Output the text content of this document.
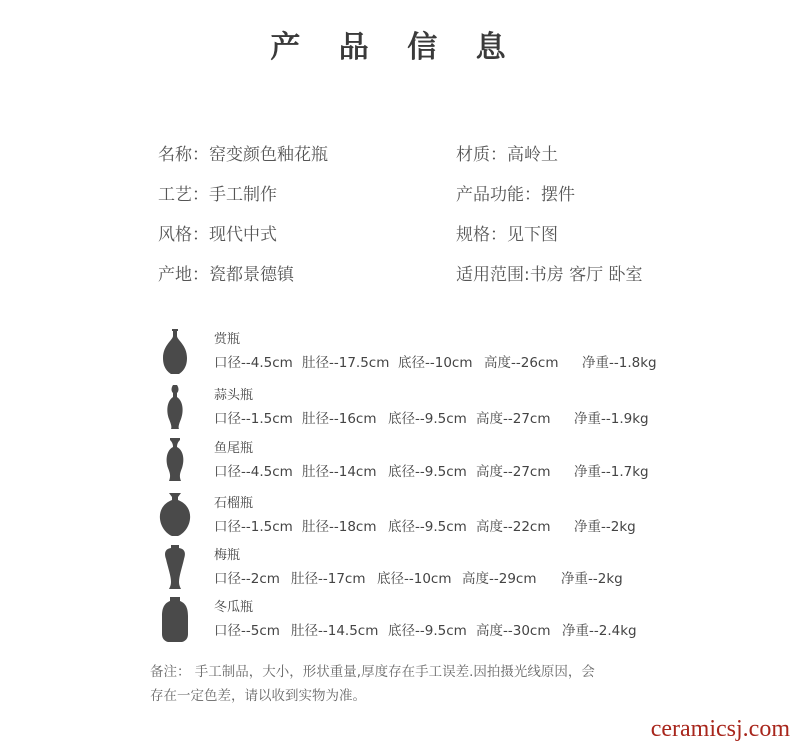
产 品 信 息
名称：窑变颜色釉花瓶	材质：高岭土
工艺：手工制作	产品功能：摆件
风格：现代中式	规格：见下图
产地：瓷都景德镇	适用范围:书房 客厅 卧室
赏瓶
口径--4.5cm 肚径--17.5cm 底径--10cm 高度--26cm 净重--1.8kg
蒜头瓶
口径--1.5cm 肚径--16cm 底径--9.5cm 高度--27cm 净重--1.9kg
鱼尾瓶
口径--4.5cm 肚径--14cm 底径--9.5cm 高度--27cm 净重--1.7kg
石榴瓶
口径--1.5cm 肚径--18cm 底径--9.5cm 高度--22cm 净重--2kg
梅瓶
口径--2cm 肚径--17cm 底径--10cm 高度--29cm 净重--2kg
冬瓜瓶
口径--5cm 肚径--14.5cm 底径--9.5cm 高度--30cm 净重--2.4kg
备注： 手工制品，大小，形状重量,厚度存在手工误差.因拍摄光线原因，会
存在一定色差，请以收到实物为准。
ceramicsj.com
